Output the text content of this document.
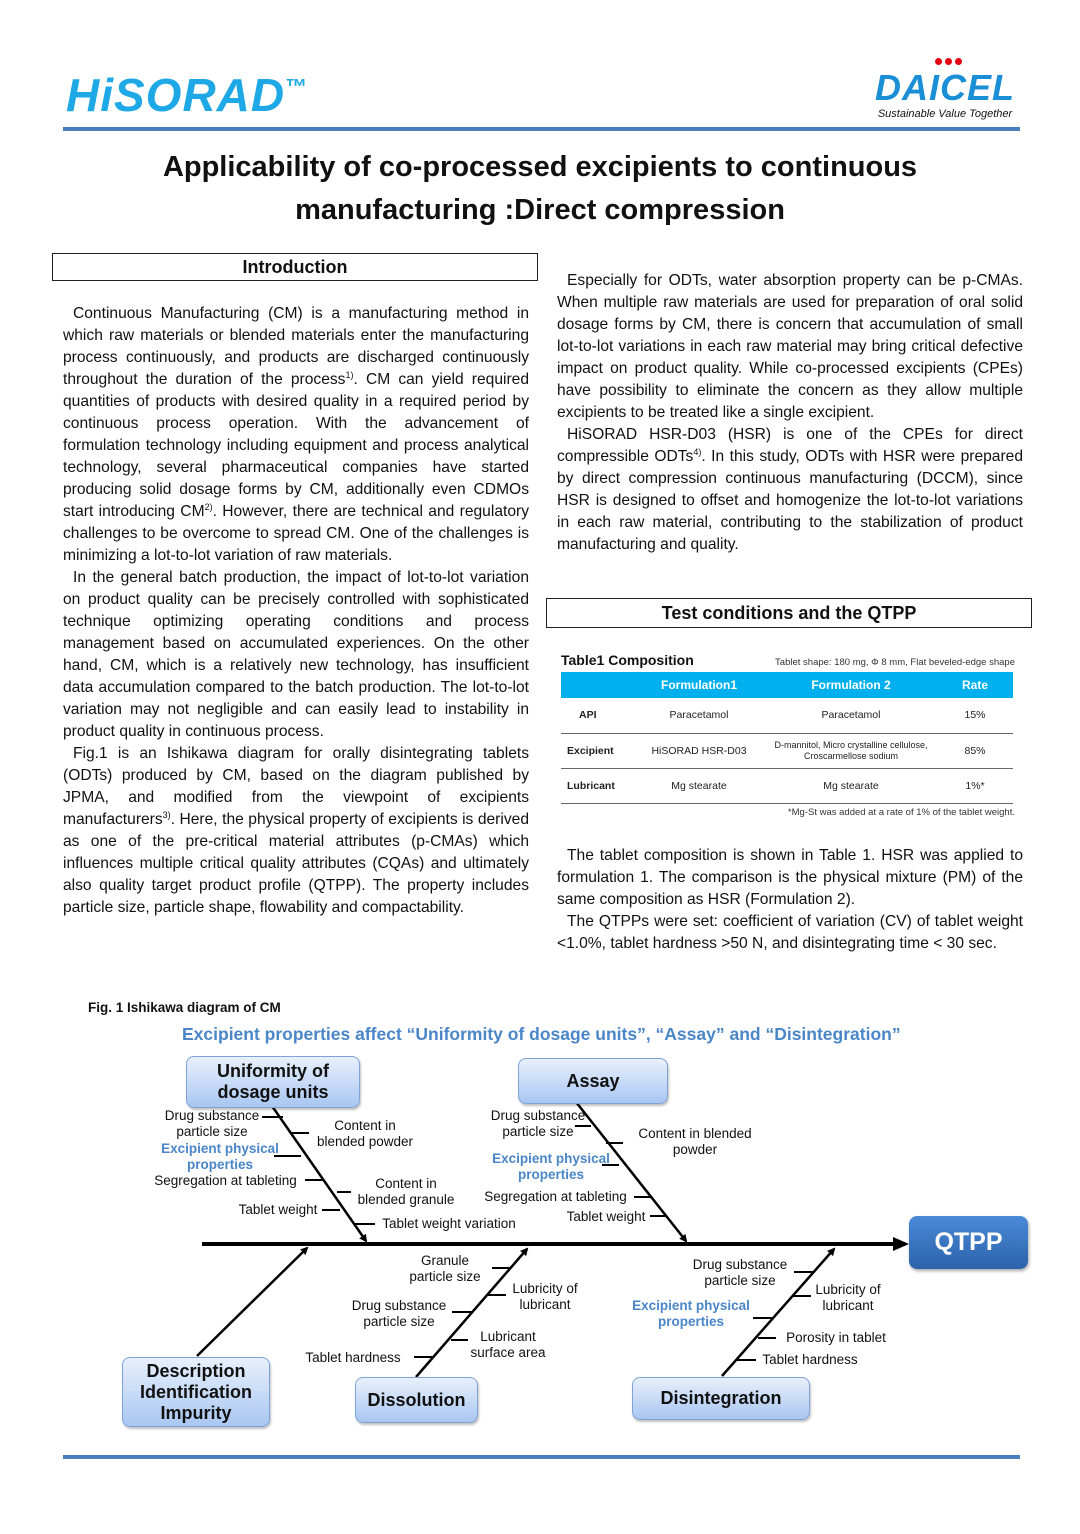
HiSORAD™	DAICEL
Sustainable Value Together
Applicability of co-processed excipients to continuous
manufacturing :Direct compression
Introduction

Continuous Manufacturing (CM) is a manufacturing method in which raw materials or blended materials enter the manufacturing process continuously, and products are discharged continuously throughout the duration of the process$^{1)}$. CM can yield required quantities of products with desired quality in a required period by continuous process operation. With the advancement of formulation technology including equipment and process analytical technology, several pharmaceutical companies have started producing solid dosage forms by CM, additionally even CDMOs start introducing CM$^{2)}$. However, there are technical and regulatory challenges to be overcome to spread CM. One of the challenges is minimizing a lot-to-lot variation of raw materials.

In the general batch production, the impact of lot-to-lot variation on product quality can be precisely controlled with sophisticated technique optimizing operating conditions and process management based on accumulated experiences. On the other hand, CM, which is a relatively new technology, has insufficient data accumulation compared to the batch production. The lot-to-lot variation may not negligible and can easily lead to instability in product quality in continuous process.

Fig.1 is an Ishikawa diagram for orally disintegrating tablets (ODTs) produced by CM, based on the diagram published by JPMA, and modified from the viewpoint of excipients manufacturers$^{3)}$. Here, the physical property of excipients is derived as one of the pre-critical material attributes (p-CMAs) which influences multiple critical quality attributes (CQAs) and ultimately also quality target product profile (QTPP). The property includes particle size, particle shape, flowability and compactability.

Especially for ODTs, water absorption property can be p-CMAs. When multiple raw materials are used for preparation of oral solid dosage forms by CM, there is concern that accumulation of small lot-to-lot variations in each raw material may bring critical defective impact on product quality. While co-processed excipients (CPEs) have possibility to eliminate the concern as they allow multiple excipients to be treated like a single excipient.

HiSORAD HSR-D03 (HSR) is one of the CPEs for direct compressible ODTs$^{4)}$. In this study, ODTs with HSR were prepared by direct compression continuous manufacturing (DCCM), since HSR is designed to offset and homogenize the lot-to-lot variations in each raw material, contributing to the stabilization of product manufacturing and quality.

Test conditions and the QTPP
Table1 Composition	Tablet shape: 180 mg, Φ 8 mm, Flat beveled-edge shape
	Formulation1	Formulation 2	Rate
API	Paracetamol	Paracetamol	15%
Excipient	HiSORAD HSR-D03	D-mannitol, Micro crystalline cellulose, Croscarmellose sodium	85%
Lubricant	Mg stearate	Mg stearate	1%*
*Mg-St was added at a rate of 1% of the tablet weight.

The tablet composition is shown in Table 1. HSR was applied to formulation 1. The comparison is the physical mixture (PM) of the same composition as HSR (Formulation 2).

The QTPPs were set: coefficient of variation (CV) of tablet weight <1.0%, tablet hardness >50 N, and disintegrating time < 30 sec.

Fig. 1 Ishikawa diagram of CM
Excipient properties affect “Uniformity of dosage units”, “Assay” and “Disintegration”
Uniformity of dosage units
Assay
Description Identification Impurity
Dissolution	Disintegration
QTPP
Drug substance particle size	Content in blended powder
Excipient physical properties
Segregation at tableting	Content in blended granule
Tablet weight
Tablet weight variation
Drug substance particle size	Content in blended powder
Excipient physical properties
Segregation at tableting
Tablet weight
Granule particle size
Lubricity of lubricant
Drug substance particle size
Lubricant surface area
Tablet hardness
Drug substance particle size
Lubricity of lubricant
Excipient physical properties
Porosity in tablet
Tablet hardness
